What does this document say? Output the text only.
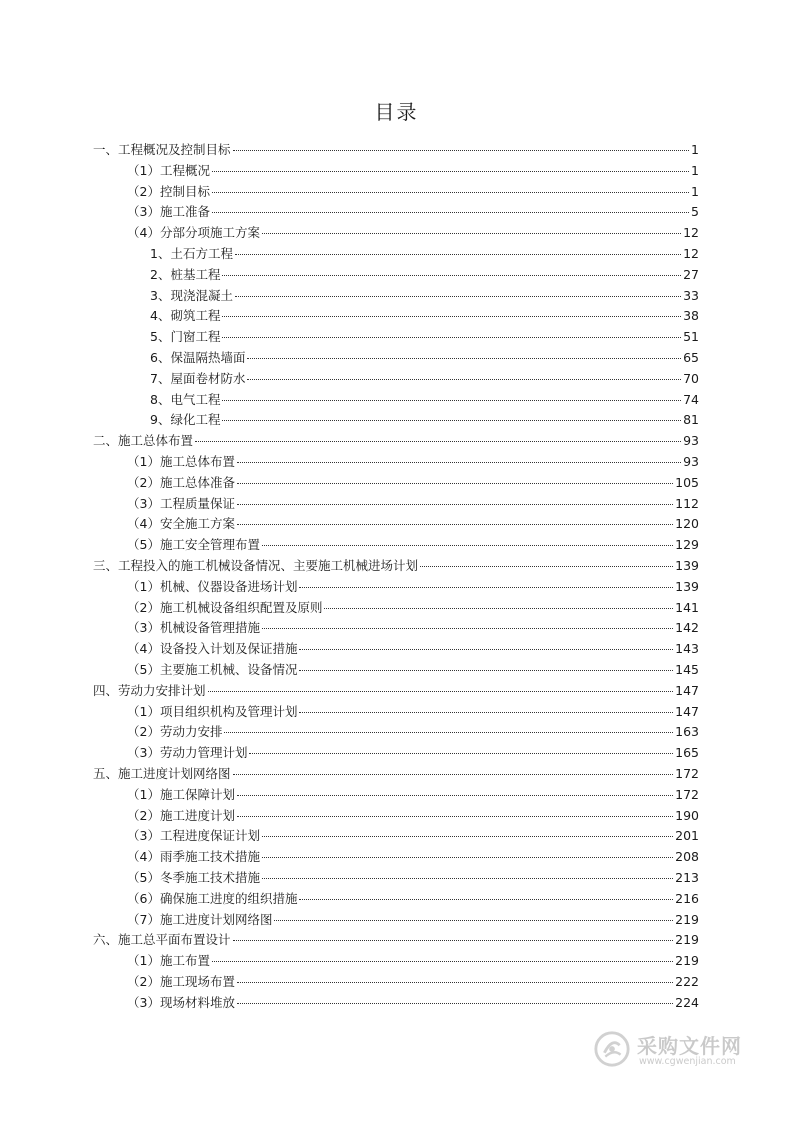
目录
一、工程概况及控制目标	1
（1）工程概况	1
（2）控制目标	1
（3）施工准备	5
（4）分部分项施工方案	12
1、土石方工程	12
2、桩基工程	27
3、现浇混凝土	33
4、砌筑工程	38
5、门窗工程	51
6、保温隔热墙面	65
7、屋面卷材防水	70
8、电气工程	74
9、绿化工程	81
二、施工总体布置	93
（1）施工总体布置	93
（2）施工总体准备	105
（3）工程质量保证	112
（4）安全施工方案	120
（5）施工安全管理布置	129
三、工程投入的施工机械设备情况、主要施工机械进场计划	139
（1）机械、仪器设备进场计划	139
（2）施工机械设备组织配置及原则	141
（3）机械设备管理措施	142
（4）设备投入计划及保证措施	143
（5）主要施工机械、设备情况	145
四、劳动力安排计划	147
（1）项目组织机构及管理计划	147
（2）劳动力安排	163
（3）劳动力管理计划	165
五、施工进度计划网络图	172
（1）施工保障计划	172
（2）施工进度计划	190
（3）工程进度保证计划	201
（4）雨季施工技术措施	208
（5）冬季施工技术措施	213
（6）确保施工进度的组织措施	216
（7）施工进度计划网络图	219
六、施工总平面布置设计	219
（1）施工布置	219
（2）施工现场布置	222
（3）现场材料堆放	224
采购文件网
www.cgwenjian.com
